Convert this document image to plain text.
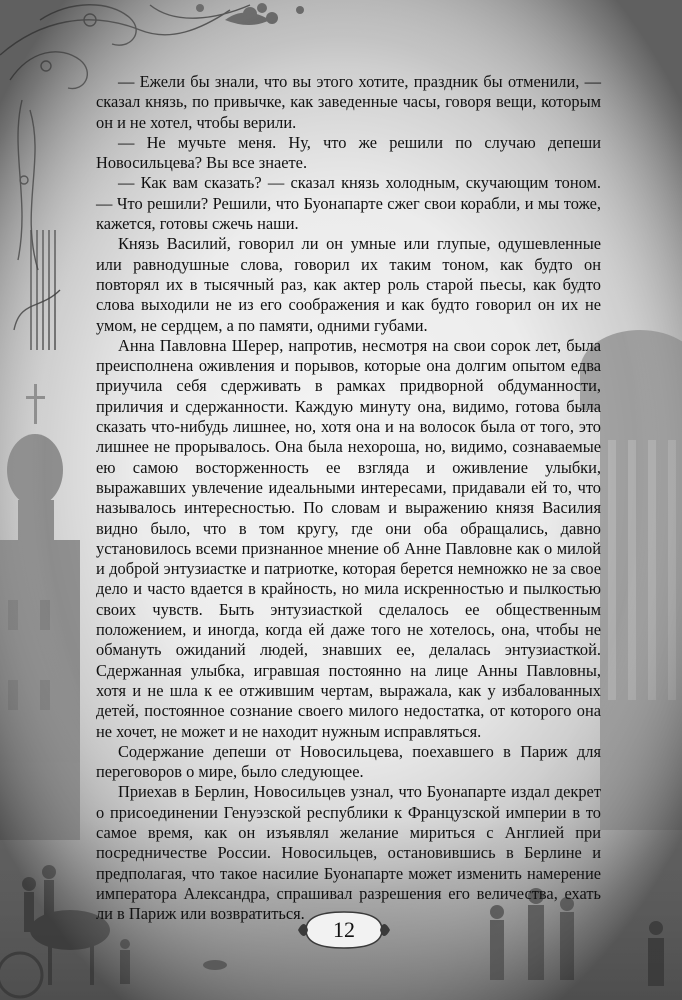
— Ежели бы знали, что вы этого хотите, праздник бы отменили, — сказал князь, по привычке, как заведенные часы, говоря вещи, которым он и не хотел, чтобы верили.

— Не мучьте меня. Ну, что же решили по случаю депеши Новосильцева? Вы все знаете.

— Как вам сказать? — сказал князь холодным, скучающим тоном. — Что решили? Решили, что Буонапарте сжег свои корабли, и мы тоже, кажется, готовы сжечь наши.

Князь Василий, говорил ли он умные или глупые, одушевленные или равнодушные слова, говорил их таким тоном, как будто он повторял их в тысячный раз, как актер роль старой пьесы, как будто слова выходили не из его соображения и как будто говорил он их не умом, не сердцем, а по памяти, одними губами.

Анна Павловна Шерер, напротив, несмотря на свои сорок лет, была преисполнена оживления и порывов, которые она долгим опытом едва приучила себя сдерживать в рамках придворной обдуманности, приличия и сдержанности. Каждую минуту она, видимо, готова была сказать что-нибудь лишнее, но, хотя она и на волосок была от того, это лишнее не прорывалось. Она была нехороша, но, видимо, сознаваемые ею самою восторженность ее взгляда и оживление улыбки, выражавших увлечение идеальными интересами, придавали ей то, что называлось интересностью. По словам и выражению князя Василия видно было, что в том кругу, где они оба обращались, давно установилось всеми признанное мнение об Анне Павловне как о милой и доброй энтузиастке и патриотке, которая берется немножко не за свое дело и часто вдается в крайность, но мила искренностью и пылкостью своих чувств. Быть энтузиасткой сделалось ее общественным положением, и иногда, когда ей даже того не хотелось, она, чтобы не обмануть ожиданий людей, знавших ее, делалась энтузиасткой. Сдержанная улыбка, игравшая постоянно на лице Анны Павловны, хотя и не шла к ее отжившим чертам, выражала, как у избалованных детей, постоянное сознание своего милого недостатка, от которого она не хочет, не может и не находит нужным исправляться.

Содержание депеши от Новосильцева, поехавшего в Париж для переговоров о мире, было следующее.

Приехав в Берлин, Новосильцев узнал, что Буонапарте издал декрет о присоединении Генуэзской республики к Французской империи в то самое время, как он изъявлял желание мириться с Англией при посредничестве России. Новосильцев, остановившись в Берлине и предполагая, что такое насилие Буонапарте может изменить намерение императора Александра, спрашивал разрешения его величества, ехать ли в Париж или возвратиться.

12
